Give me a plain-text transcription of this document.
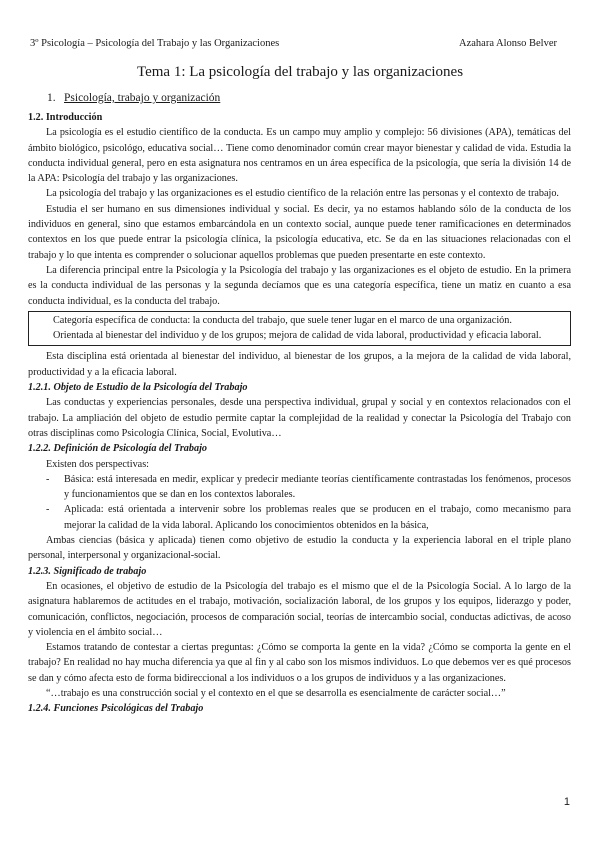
3º Psicología – Psicología del Trabajo y las Organizaciones	Azahara Alonso Belver
Tema 1: La psicología del trabajo y las organizaciones
1. Psicología, trabajo y organización

1.2. Introducción

La psicología es el estudio científico de la conducta. Es un campo muy amplio y complejo: 56 divisiones (APA), temáticas del ámbito biológico, psicológo, educativa social… Tiene como denominador común crear mayor bienestar y calidad de vida. Estudia la conducta individual general, pero en esta asignatura nos centramos en un área específica de la psicología, que sería la división 14 de la APA: Psicología del trabajo y las organizaciones.

La psicología del trabajo y las organizaciones es el estudio científico de la relación entre las personas y el contexto de trabajo.

Estudia el ser humano en sus dimensiones individual y social. Es decir, ya no estamos hablando sólo de la conducta de los individuos en general, sino que estamos embarcándola en un contexto social, aunque puede tener ramificaciones en determinados contextos en los que puede entrar la psicología clínica, la psicología educativa, etc. Se da en las situaciones relacionadas con el trabajo y lo que intenta es comprender o solucionar aquellos problemas que pueden presentarte en este contexto.

La diferencia principal entre la Psicología y la Psicología del trabajo y las organizaciones es el objeto de estudio. En la primera es la conducta individual de las personas y la segunda decíamos que es una categoría específica, tiene un matiz en cuanto a esa conducta individual, es la conducta del trabajo.

Categoría específica de conducta: la conducta del trabajo, que suele tener lugar en el marco de una organización.

Orientada al bienestar del individuo y de los grupos; mejora de calidad de vida laboral, productividad y eficacia laboral.

Esta disciplina está orientada al bienestar del individuo, al bienestar de los grupos, a la mejora de la calidad de vida laboral, productividad y a la eficacia laboral.

1.2.1. Objeto de Estudio de la Psicología del Trabajo

Las conductas y experiencias personales, desde una perspectiva individual, grupal y social y en contextos relacionados con el trabajo. La ampliación del objeto de estudio permite captar la complejidad de la realidad y conectar la Psicología del Trabajo con otras disciplinas como Psicología Clínica, Social, Evolutiva…

1.2.2. Definición de Psicología del Trabajo

Existen dos perspectivas:

-	Básica: está interesada en medir, explicar y predecir mediante teorías científicamente contrastadas los fenómenos, procesos y funcionamientos que se dan en los contextos laborales.
-	Aplicada: está orientada a intervenir sobre los problemas reales que se producen en el trabajo, como mecanismo para mejorar la calidad de la vida laboral. Aplicando los conocimientos obtenidos en la básica,

Ambas ciencias (básica y aplicada) tienen como objetivo de estudio la conducta y la experiencia laboral en el triple plano personal, interpersonal y organizacional-social.

1.2.3. Significado de trabajo

En ocasiones, el objetivo de estudio de la Psicología del trabajo es el mismo que el de la Psicología Social. A lo largo de la asignatura hablaremos de actitudes en el trabajo, motivación, socialización laboral, de los grupos y los equipos, liderazgo y poder, comunicación, conflictos, negociación, procesos de comparación social, teorías de intercambio social, conductas adictivas, de acoso y violencia en el ámbito social…

Estamos tratando de contestar a ciertas preguntas: ¿Cómo se comporta la gente en la vida? ¿Cómo se comporta la gente en el trabajo? En realidad no hay mucha diferencia ya que al fin y al cabo son los mismos individuos. Lo que debemos ver es qué procesos se dan y cómo afecta esto de forma bidireccional a los individuos o a los grupos de individuos y a las organizaciones.

“…trabajo es una construcción social y el contexto en el que se desarrolla es esencialmente de carácter social…”

1.2.4. Funciones Psicológicas del Trabajo

1
